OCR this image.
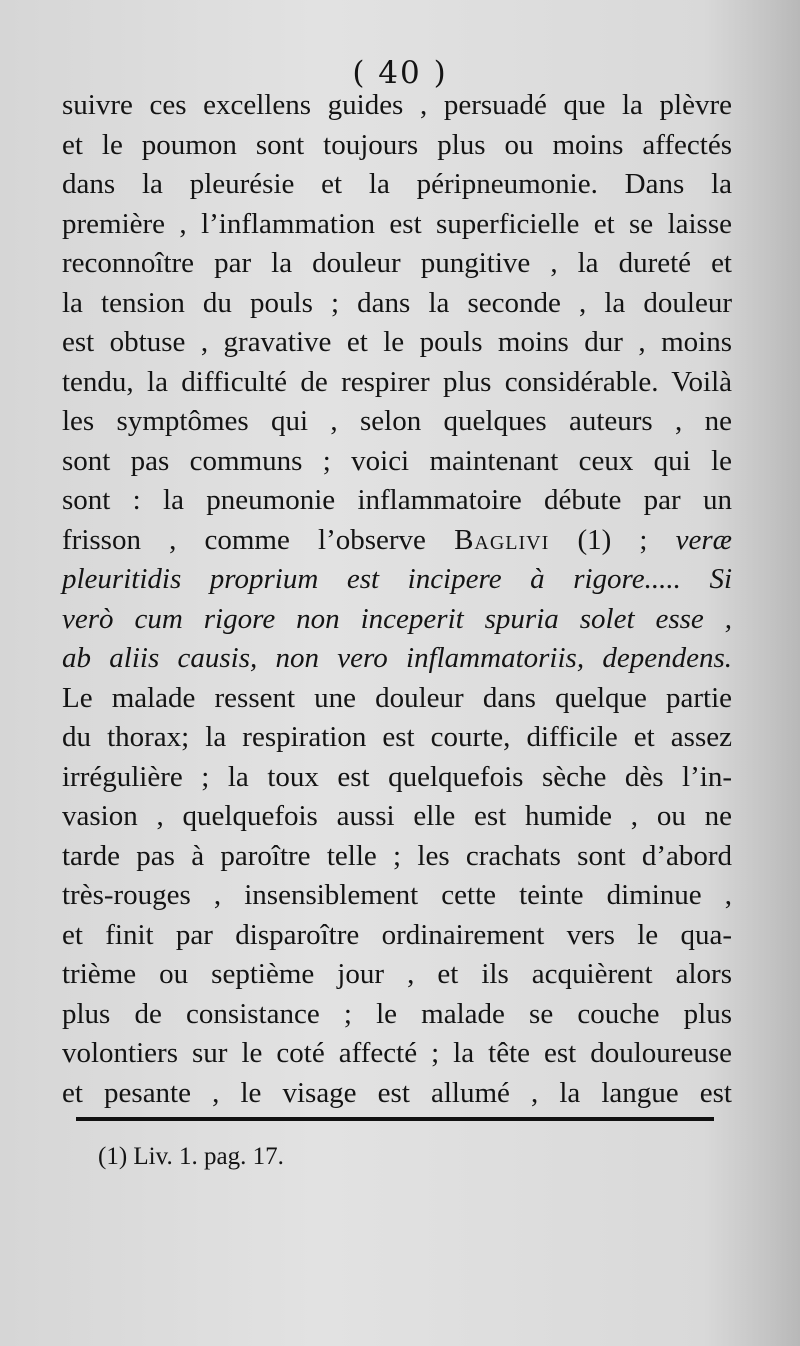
( 40 )
suivre ces excellens guides , persuadé que la plèvre
et le poumon sont toujours plus ou moins affectés
dans la pleurésie et la péripneumonie. Dans la
première , l’inflammation est superficielle et se laisse
reconnoître par la douleur pungitive , la dureté et
la tension du pouls ; dans la seconde , la douleur
est obtuse , gravative et le pouls moins dur , moins
tendu, la difficulté de respirer plus considérable. Voilà
les symptômes qui , selon quelques auteurs , ne
sont pas communs ; voici maintenant ceux qui le
sont : la pneumonie inflammatoire débute par un
frisson , comme l’observe Baglivi (1) ; veræ
pleuritidis proprium est incipere à rigore..... Si
verò cum rigore non inceperit spuria solet esse ,
ab aliis causis, non vero inflammatoriis, dependens.
Le malade ressent une douleur dans quelque partie
du thorax; la respiration est courte, difficile et assez
irrégulière ; la toux est quelquefois sèche dès l’in-
vasion , quelquefois aussi elle est humide , ou ne
tarde pas à paroître telle ; les crachats sont d’abord
très-rouges , insensiblement cette teinte diminue ,
et finit par disparoître ordinairement vers le qua-
trième ou septième jour , et ils acquièrent alors
plus de consistance ; le malade se couche plus
volontiers sur le coté affecté ; la tête est douloureuse
et pesante , le visage est allumé , la langue est
(1) Liv. 1. pag. 17.
